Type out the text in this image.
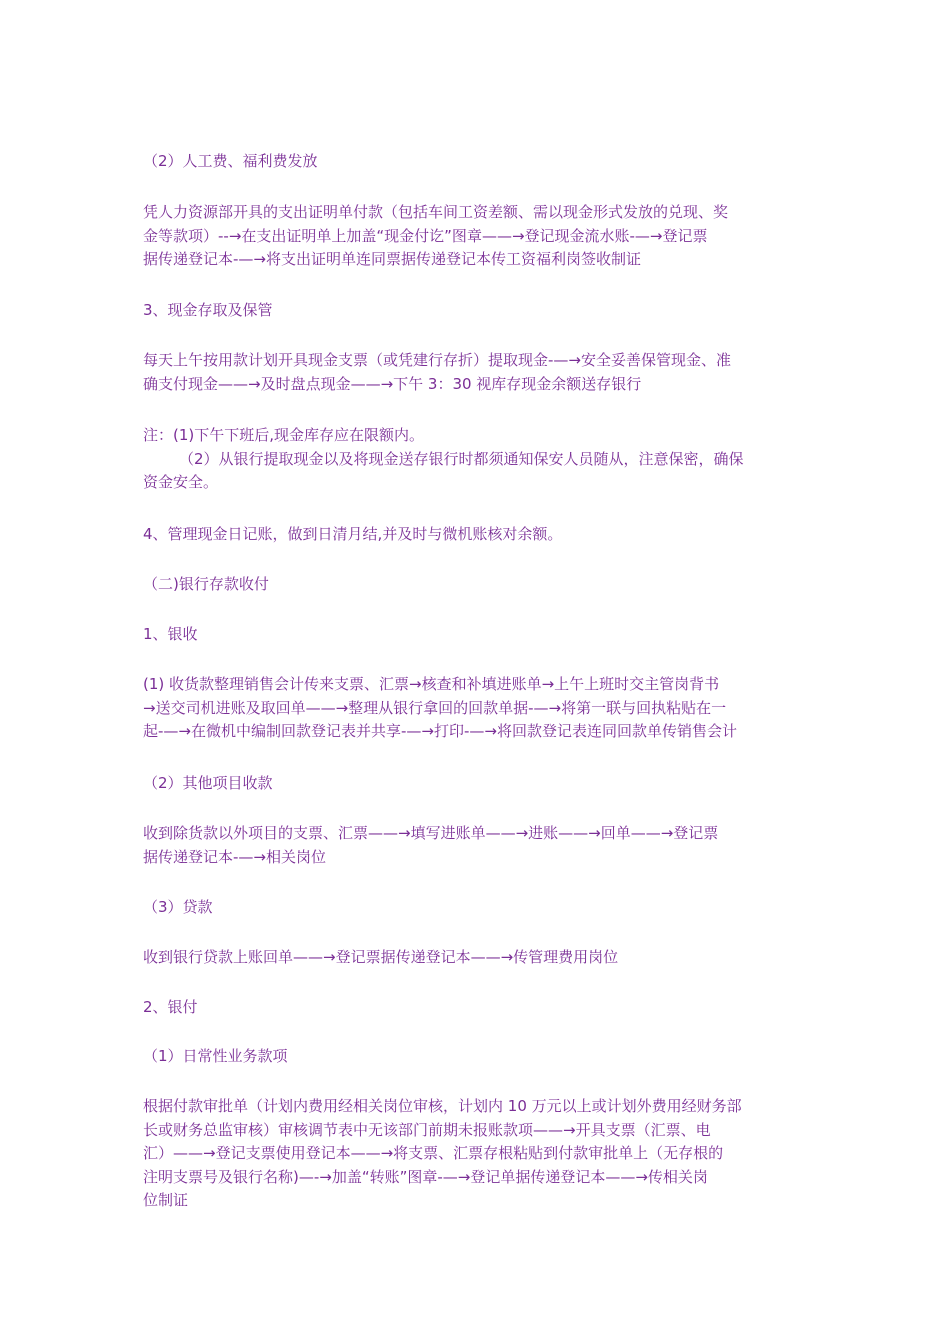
（2）人工费、福利费发放

凭人力资源部开具的支出证明单付款（包括车间工资差额、需以现金形式发放的兑现、奖
金等款项）--→在支出证明单上加盖“现金付讫”图章——→登记现金流水账-—→登记票
据传递登记本-—→将支出证明单连同票据传递登记本传工资福利岗签收制证

3、现金存取及保管

每天上午按用款计划开具现金支票（或凭建行存折）提取现金-—→安全妥善保管现金、准
确支付现金——→及时盘点现金——→下午 3：30 视库存现金余额送存银行

注：(1)下午下班后,现金库存应在限额内。
（2）从银行提取现金以及将现金送存银行时都须通知保安人员随从，注意保密，确保
资金安全。

4、管理现金日记账，做到日清月结,并及时与微机账核对余额。

（二)银行存款收付

1、银收

(1) 收货款整理销售会计传来支票、汇票→核查和补填进账单→上午上班时交主管岗背书
→送交司机进账及取回单——→整理从银行拿回的回款单据-—→将第一联与回执粘贴在一
起-—→在微机中编制回款登记表并共享-—→打印-—→将回款登记表连同回款单传销售会计

（2）其他项目收款

收到除货款以外项目的支票、汇票——→填写进账单——→进账——→回单——→登记票
据传递登记本-—→相关岗位

（3）贷款

收到银行贷款上账回单——→登记票据传递登记本——→传管理费用岗位

2、银付

（1）日常性业务款项

根据付款审批单（计划内费用经相关岗位审核，计划内 10 万元以上或计划外费用经财务部
长或财务总监审核）审核调节表中无该部门前期未报账款项——→开具支票（汇票、电
汇）——→登记支票使用登记本——→将支票、汇票存根粘贴到付款审批单上（无存根的
注明支票号及银行名称)—-→加盖“转账”图章-—→登记单据传递登记本——→传相关岗
位制证
